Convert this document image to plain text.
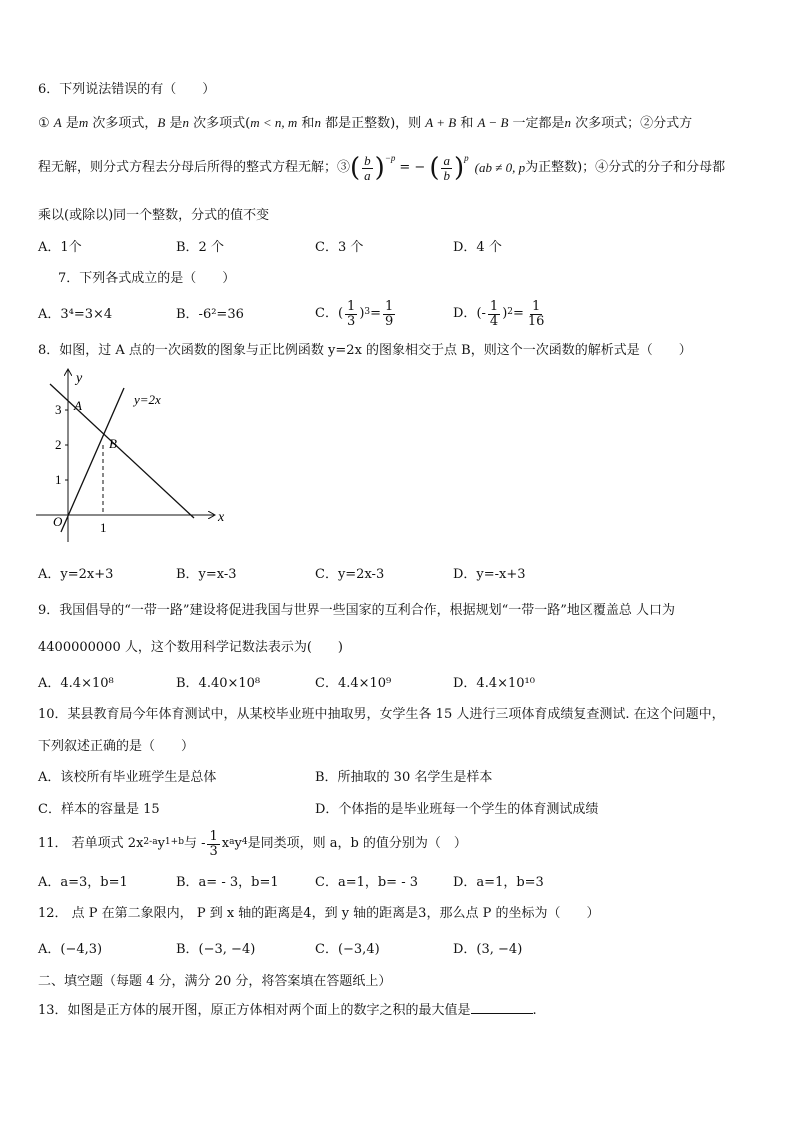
6．下列说法错误的有（　　）
① A 是m 次多项式，B 是n 次多项式(m < n, m 和n 都是正整数)，则 A + B 和 A − B 一定都是n 次多项式；②分式方
程无解，则分式方程去分母后所得的整式方程无解；③ ( $\frac{b}{a} )^{-p}$
= − ( $\frac{a}{b} )^p$
(ab ≠ 0, p 为正整数)；④分式的分子和分母都
乘以(或除以)同一个整数，分式的值不变
A．1个	B．2 个	C．3 个	D．4 个
7．下列各式成立的是（　　）
A．3⁴=3×4	B．-6²=36	C． ( $\frac{1}{3}$ ) $3 = \frac{1}{9}$	D． (- $\frac{1}{4}$ ) $2 = \frac{1}{16}$
8．如图，过 A 点的一次函数的图象与正比例函数 y=2x 的图象相交于点 B，则这个一次函数的解析式是（　　）
y
x
O
y=2x
A
B
1
2
3
1
A．y=2x+3	B．y=x-3	C．y=2x-3	D．y=-x+3
9．我国倡导的“一带一路”建设将促进我国与世界一些国家的互利合作，根据规划“一带一路”地区覆盖总 人口为
4400000000 人，这个数用科学记数法表示为(　　)
A．4.4×10⁸	B．4.40×10⁸	C．4.4×10⁹	D．4.4×10¹⁰
10．某县教育局今年体育测试中，从某校毕业班中抽取男，女学生各 15 人进行三项体育成绩复查测试. 在这个问题中，
下列叙述正确的是（　　）
A．该校所有毕业班学生是总体	B．所抽取的 30 名学生是样本
C．样本的容量是 15	D．个体指的是毕业班每一个学生的体育测试成绩
11． 若单项式 2x 2-a y 1+b 与 - $\frac{1}{3}$ x a y 4 是同类项，则 a，b 的值分别为（　）
A．a=3，b=1	B．a= - 3，b=1	C．a=1，b= - 3	D．a=1，b=3
12． 点 P 在第二象限内， P 到 x 轴的距离是4，到 y 轴的距离是3，那么点 P 的坐标为（　　）
A．(−4,3)	B．(−3, −4)	C．(−3,4)	D．(3, −4)
二、填空题（每题 4 分，满分 20 分，将答案填在答题纸上）
13．如图是正方体的展开图，原正方体相对两个面上的数字之积的最大值是	.
